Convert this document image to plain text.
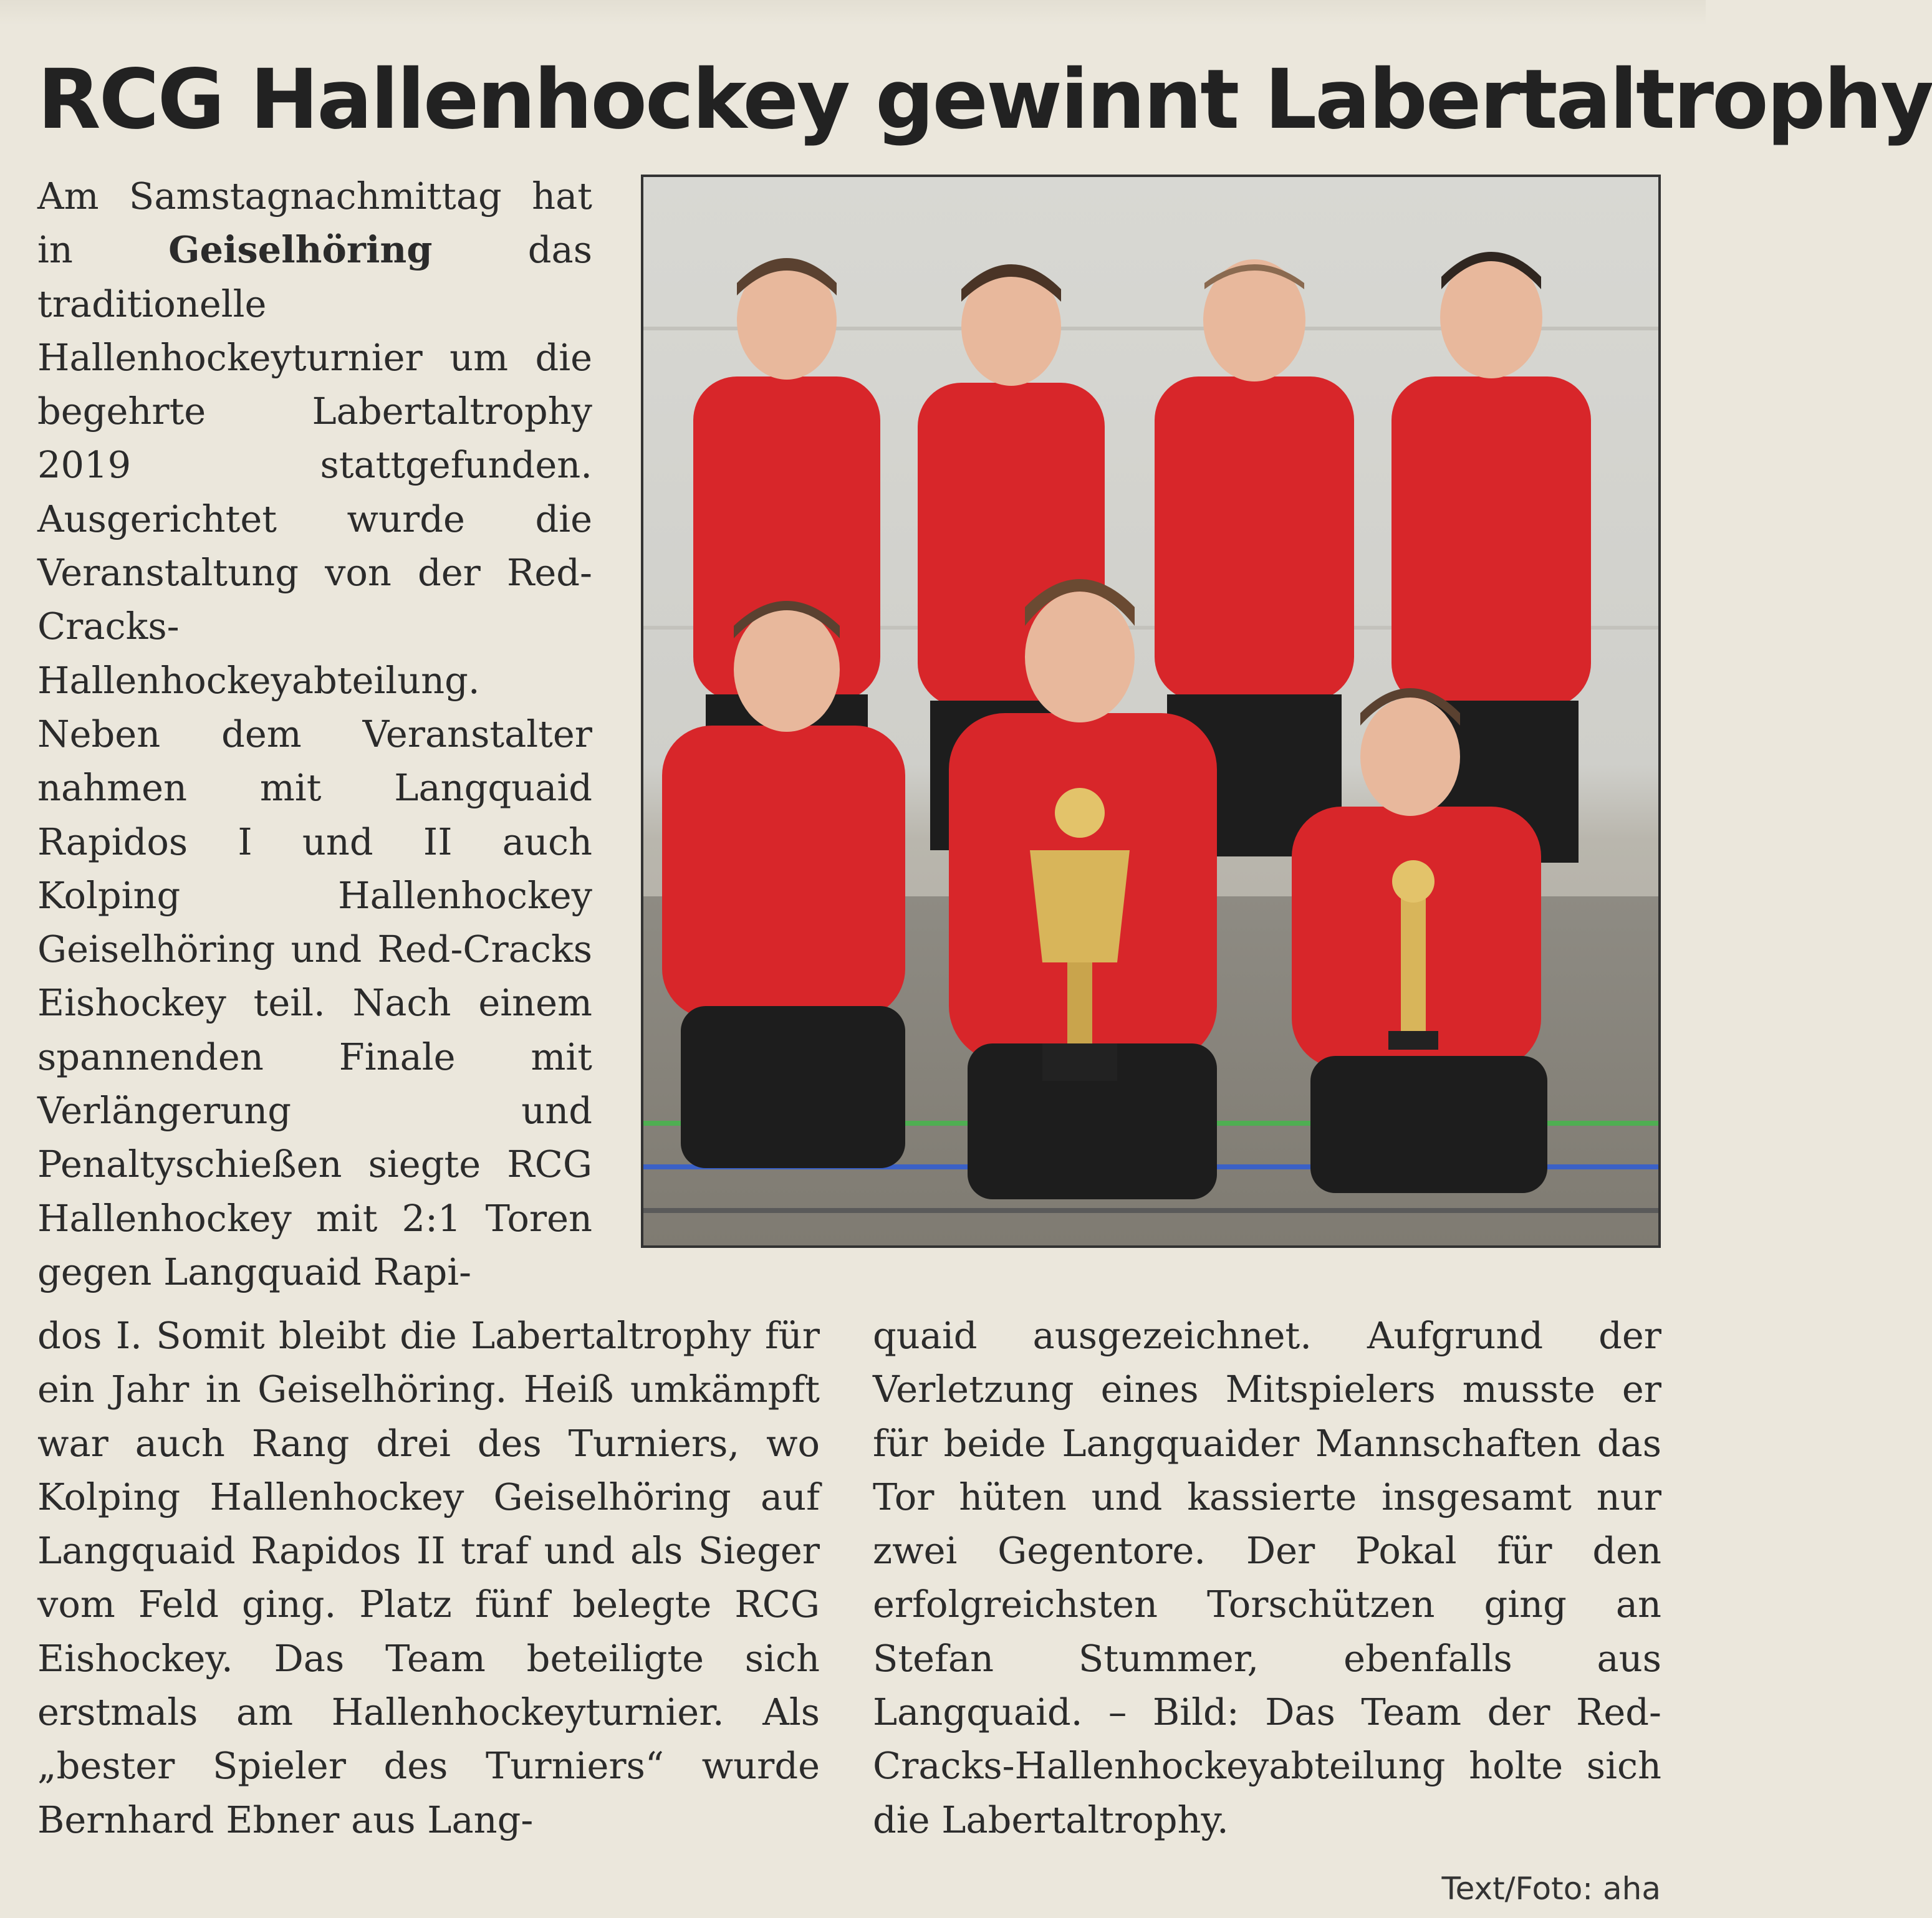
RCG Hallenhockey gewinnt Labertaltrophy

Am Samstagnachmittag hat in Geiselhöring das traditionelle Hallenhockeyturnier um die begehrte Labertaltrophy 2019 stattgefunden. Ausgerichtet wurde die Veranstaltung von der Red-Cracks-Hallenhockeyabteilung. Neben dem Veranstalter nahmen mit Langquaid Rapidos I und II auch Kolping Hallenhockey Geiselhöring und Red-Cracks Eishockey teil. Nach einem spannenden Finale mit Verlängerung und Penaltyschießen siegte RCG Hallenhockey mit 2:1 Toren gegen Langquaid Rapi-

dos I. Somit bleibt die Labertaltrophy für ein Jahr in Geiselhöring. Heiß umkämpft war auch Rang drei des Turniers, wo Kolping Hallenhockey Geiselhöring auf Langquaid Rapidos II traf und als Sieger vom Feld ging. Platz fünf belegte RCG Eishockey. Das Team beteiligte sich erstmals am Hallenhockeyturnier. Als „bester Spieler des Turniers“ wurde Bernhard Ebner aus Lang-

quaid ausgezeichnet. Aufgrund der Verletzung eines Mitspielers musste er für beide Langquaider Mannschaften das Tor hüten und kassierte insgesamt nur zwei Gegentore. Der Pokal für den erfolgreichsten Torschützen ging an Stefan Stummer, ebenfalls aus Langquaid. – Bild: Das Team der Red-Cracks-Hallenhockeyabteilung holte sich die Labertaltrophy.

Text/Foto: aha
